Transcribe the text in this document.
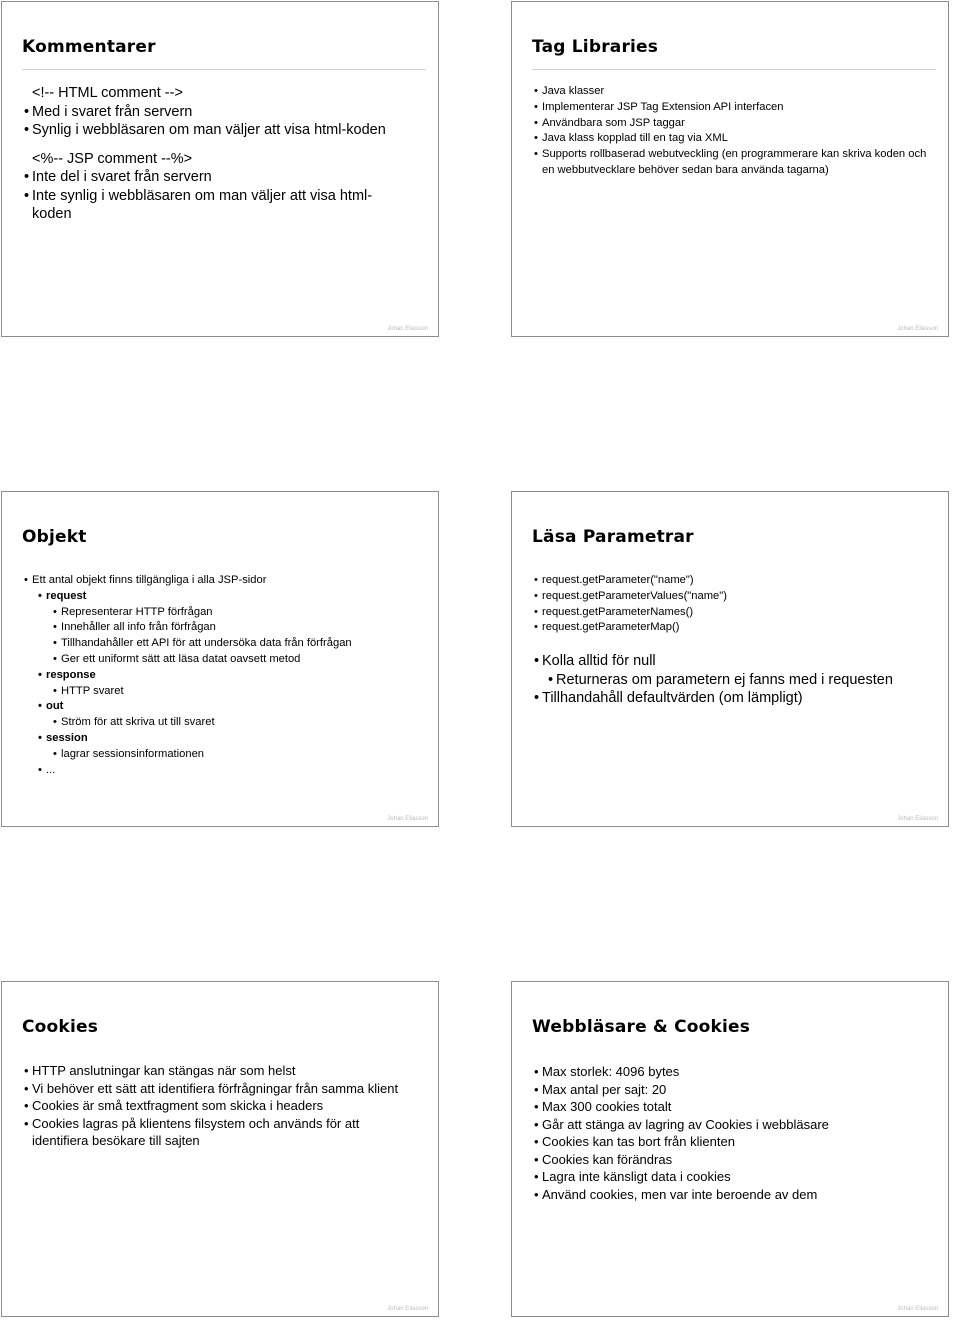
Kommentarer
<!-- HTML comment -->
• Med i svaret från servern
• Synlig i webbläsaren om man väljer att visa html-koden
<%-- JSP comment --%>
• Inte del i svaret från servern
• Inte synlig i webbläsaren om man väljer att visa html-koden
Johan Eliasson
Tag Libraries
• Java klasser
• Implementerar JSP Tag Extension API interfacen
• Användbara som JSP taggar
• Java klass kopplad till en tag via XML
• Supports rollbaserad webutveckling (en programmerare kan skriva koden och en webbutvecklare behöver sedan bara använda tagarna)
Johan Eliasson
Objekt
• Ett antal objekt finns tillgängliga i alla JSP-sidor
• request
• Representerar HTTP förfrågan
• Innehåller all info från förfrågan
• Tillhandahåller ett API för att undersöka data från förfrågan
• Ger ett uniformt sätt att läsa datat oavsett metod
• response
• HTTP svaret
• out
• Ström för att skriva ut till svaret
• session
• lagrar sessionsinformationen
• ...
Johan Eliasson
Läsa Parametrar
• request.getParameter("name")
• request.getParameterValues("name")
• request.getParameterNames()
• request.getParameterMap()
• Kolla alltid för null
• Returneras om parametern ej fanns med i requesten
• Tillhandahåll defaultvärden (om lämpligt)
Johan Eliasson
Cookies
• HTTP anslutningar kan stängas när som helst
• Vi behöver ett sätt att identifiera förfrågningar från samma klient
• Cookies är små textfragment som skicka i headers
• Cookies lagras på klientens filsystem och används för att identifiera besökare till sajten
Johan Eliasson
Webbläsare & Cookies
• Max storlek: 4096 bytes
• Max antal per sajt: 20
• Max 300 cookies totalt
• Går att stänga av lagring av Cookies i webbläsare
• Cookies kan tas bort från klienten
• Cookies kan förändras
• Lagra inte känsligt data i cookies
• Använd cookies, men var inte beroende av dem
Johan Eliasson
